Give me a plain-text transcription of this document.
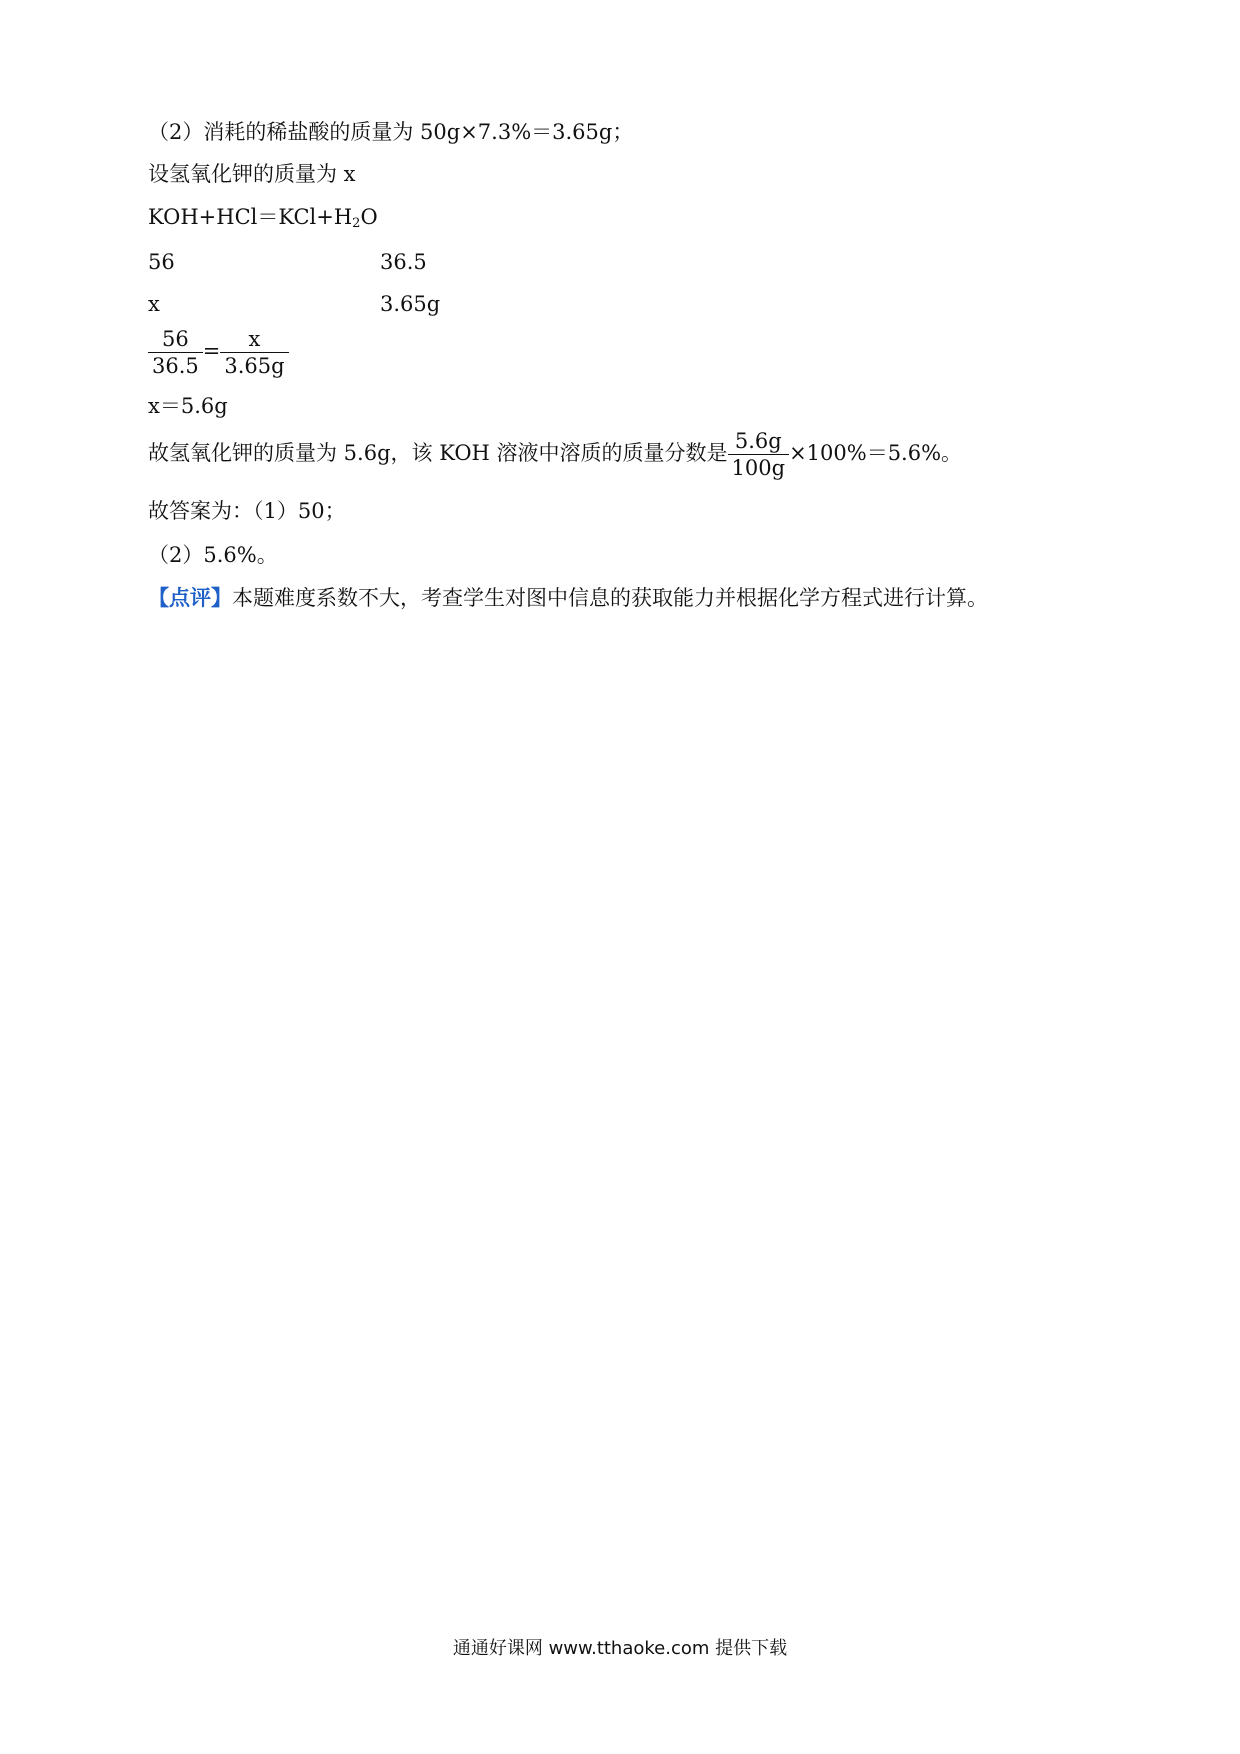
（2）消耗的稀盐酸的质量为 50g×7.3%＝3.65g；
设氢氧化钾的质量为 x
$KOH+HCl=KCl+H_2O$
56	36.5
x	3.65g
$\frac{56}{36.5} = \frac{x}{3.65g}$
x＝5.6g
故氢氧化钾的质量为 5.6g，该 KOH 溶液中溶质的质量分数是 $\frac{5.6g}{100g} \times 100\%=5.6\%$。
故答案为：（1）50；
（2）5.6%。
【点评】本题难度系数不大，考查学生对图中信息的获取能力并根据化学方程式进行计算。
通通好课网 www.tthaoke.com 提供下载
